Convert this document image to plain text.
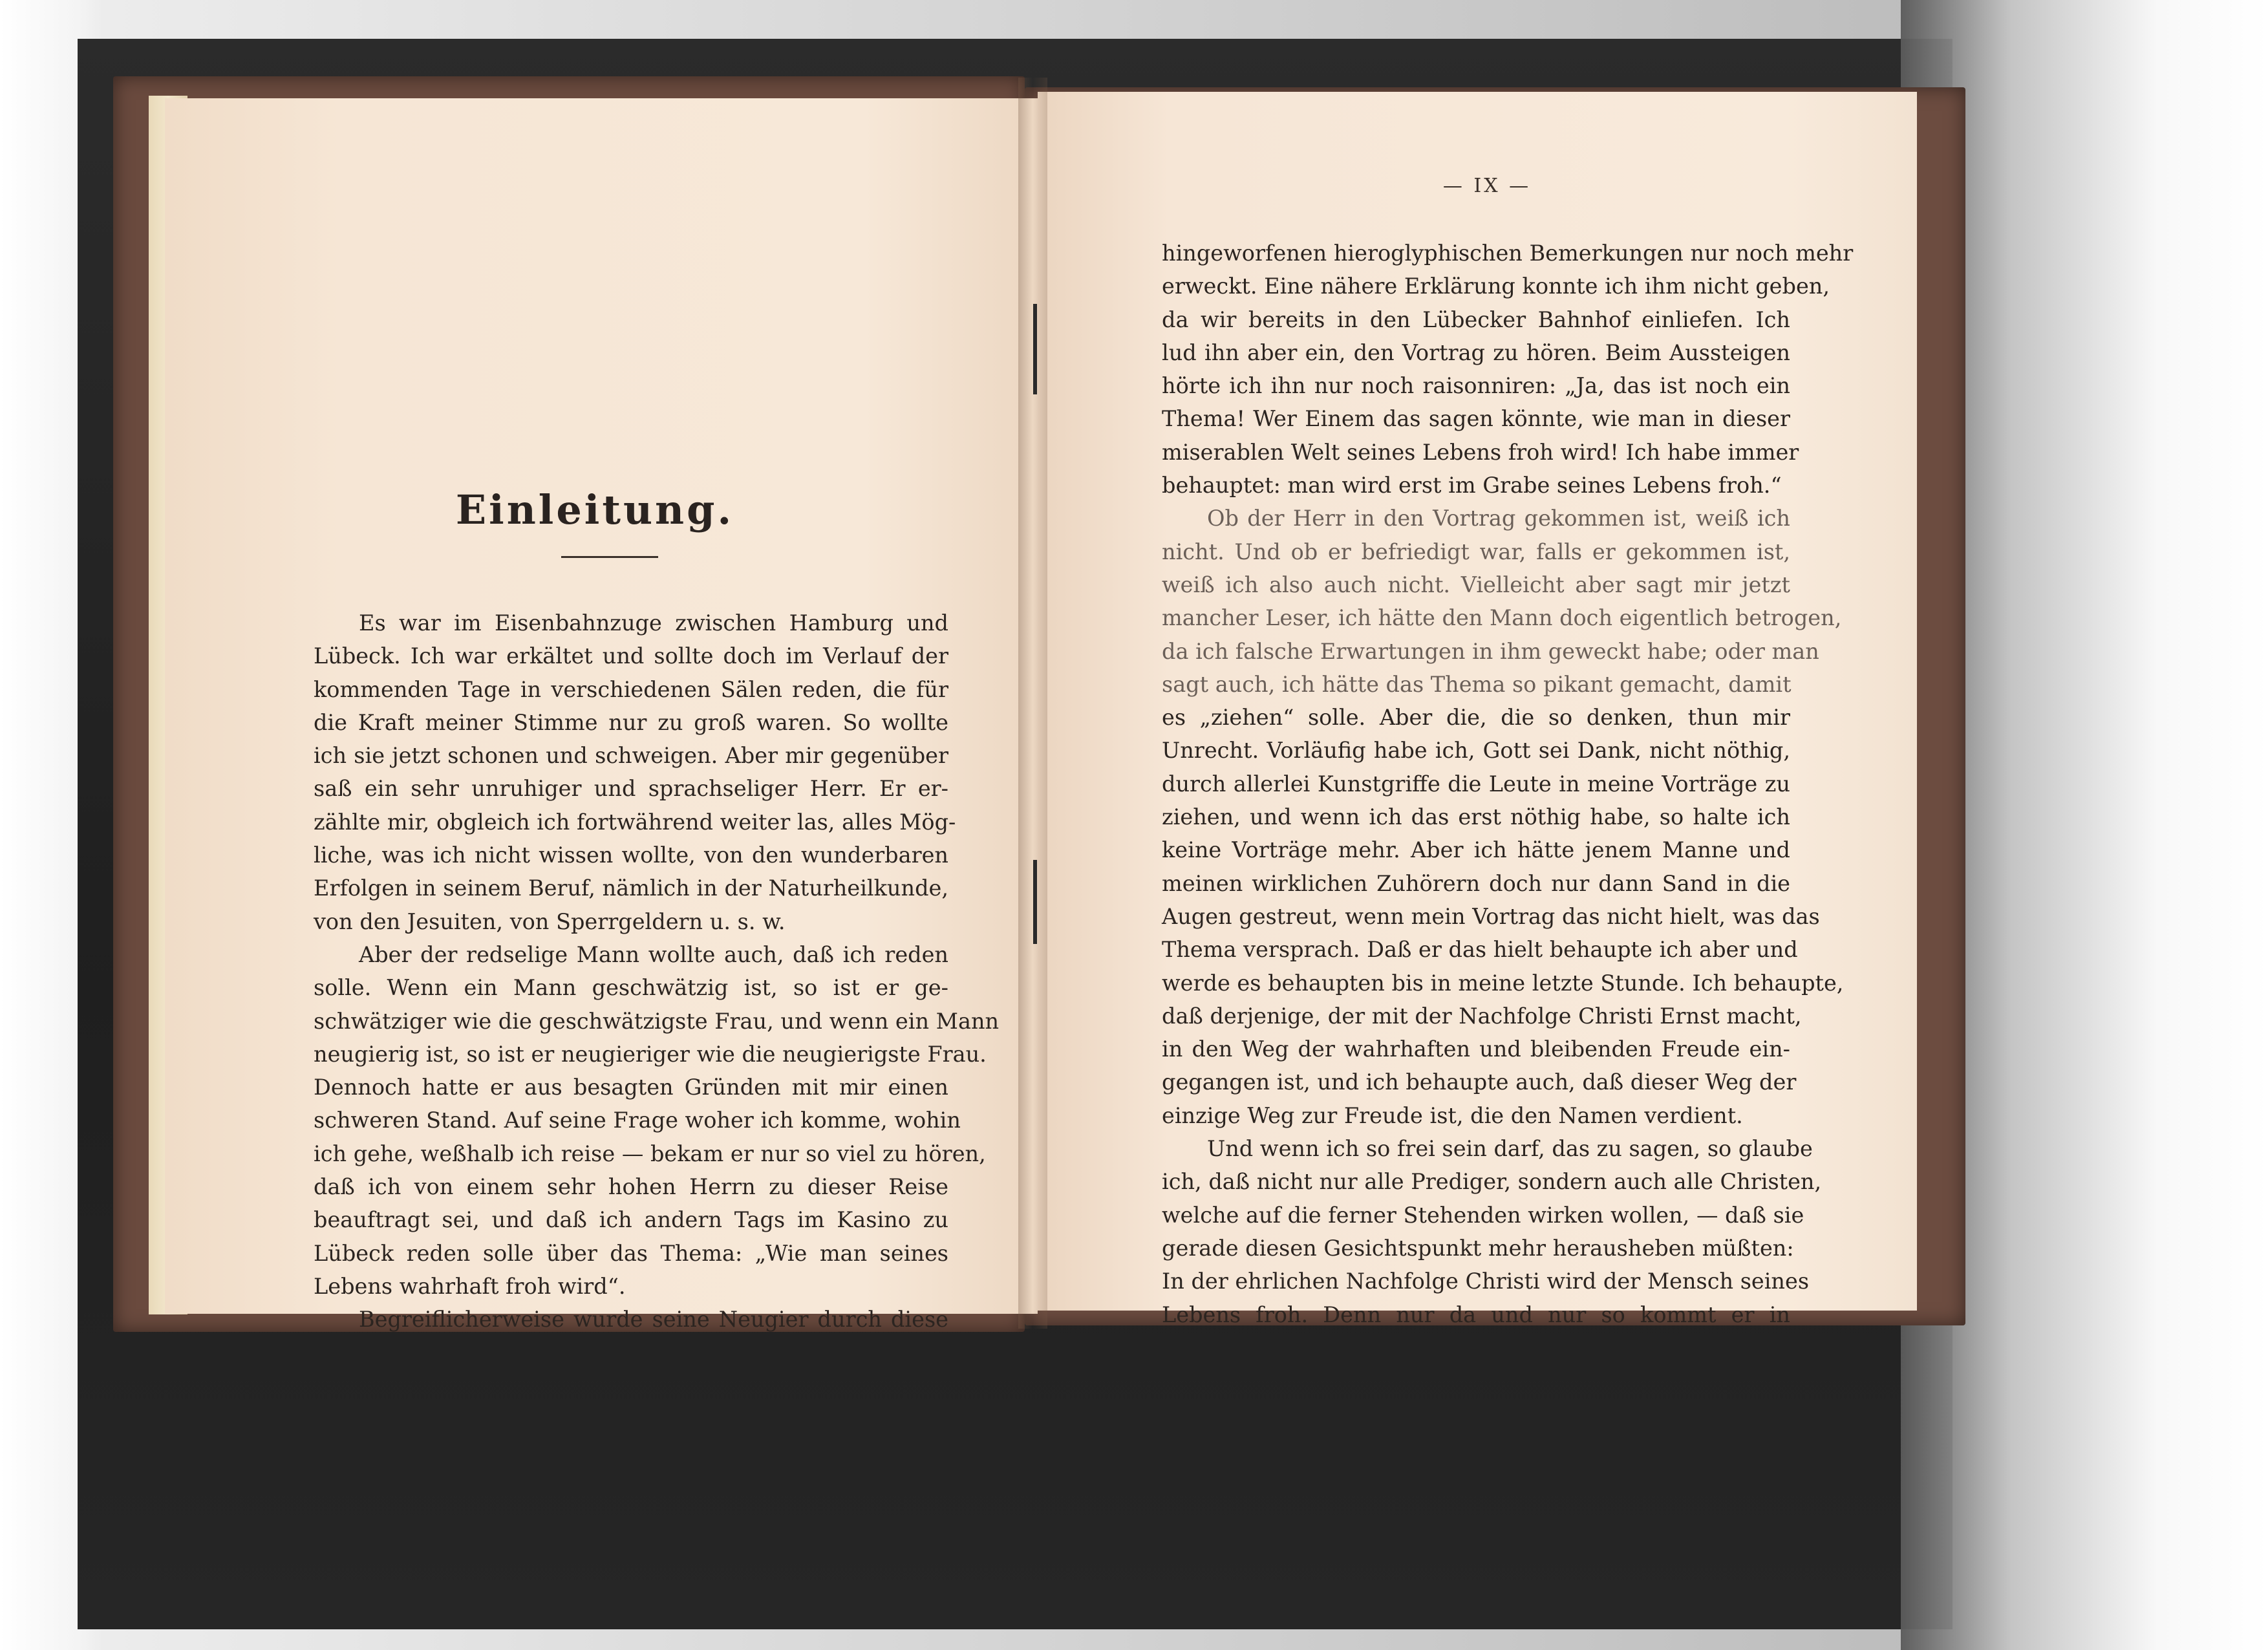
Einleitung.
Es war im Eisenbahnzuge zwischen Hamburg und
Lübeck. Ich war erkältet und sollte doch im Verlauf der
kommenden Tage in verschiedenen Sälen reden, die für
die Kraft meiner Stimme nur zu groß waren. So wollte
ich sie jetzt schonen und schweigen. Aber mir gegenüber
saß ein sehr unruhiger und sprachseliger Herr. Er er-
zählte mir, obgleich ich fortwährend weiter las, alles Mög-
liche, was ich nicht wissen wollte, von den wunderbaren
Erfolgen in seinem Beruf, nämlich in der Naturheilkunde,
von den Jesuiten, von Sperrgeldern u. s. w.
Aber der redselige Mann wollte auch, daß ich reden
solle. Wenn ein Mann geschwätzig ist, so ist er ge-
schwätziger wie die geschwätzigste Frau, und wenn ein Mann
neugierig ist, so ist er neugieriger wie die neugierigste Frau.
Dennoch hatte er aus besagten Gründen mit mir einen
schweren Stand. Auf seine Frage woher ich komme, wohin
ich gehe, weßhalb ich reise — bekam er nur so viel zu hören,
daß ich von einem sehr hohen Herrn zu dieser Reise
beauftragt sei, und daß ich andern Tags im Kasino zu
Lübeck reden solle über das Thema: „Wie man seines
Lebens wahrhaft froh wird“.
Begreiflicherweise wurde seine Neugier durch diese
— IX —
hingeworfenen hieroglyphischen Bemerkungen nur noch mehr
erweckt. Eine nähere Erklärung konnte ich ihm nicht geben,
da wir bereits in den Lübecker Bahnhof einliefen. Ich
lud ihn aber ein, den Vortrag zu hören. Beim Aussteigen
hörte ich ihn nur noch raisonniren: „Ja, das ist noch ein
Thema! Wer Einem das sagen könnte, wie man in dieser
miserablen Welt seines Lebens froh wird! Ich habe immer
behauptet: man wird erst im Grabe seines Lebens froh.“
Ob der Herr in den Vortrag gekommen ist, weiß ich
nicht. Und ob er befriedigt war, falls er gekommen ist,
weiß ich also auch nicht. Vielleicht aber sagt mir jetzt
mancher Leser, ich hätte den Mann doch eigentlich betrogen,
da ich falsche Erwartungen in ihm geweckt habe; oder man
sagt auch, ich hätte das Thema so pikant gemacht, damit
es „ziehen“ solle. Aber die, die so denken, thun mir
Unrecht. Vorläufig habe ich, Gott sei Dank, nicht nöthig,
durch allerlei Kunstgriffe die Leute in meine Vorträge zu
ziehen, und wenn ich das erst nöthig habe, so halte ich
keine Vorträge mehr. Aber ich hätte jenem Manne und
meinen wirklichen Zuhörern doch nur dann Sand in die
Augen gestreut, wenn mein Vortrag das nicht hielt, was das
Thema versprach. Daß er das hielt behaupte ich aber und
werde es behaupten bis in meine letzte Stunde. Ich behaupte,
daß derjenige, der mit der Nachfolge Christi Ernst macht,
in den Weg der wahrhaften und bleibenden Freude ein-
gegangen ist, und ich behaupte auch, daß dieser Weg der
einzige Weg zur Freude ist, die den Namen verdient.
Und wenn ich so frei sein darf, das zu sagen, so glaube
ich, daß nicht nur alle Prediger, sondern auch alle Christen,
welche auf die ferner Stehenden wirken wollen, — daß sie
gerade diesen Gesichtspunkt mehr herausheben müßten:
In der ehrlichen Nachfolge Christi wird der Mensch seines
Lebens froh. Denn nur da und nur so kommt er in
